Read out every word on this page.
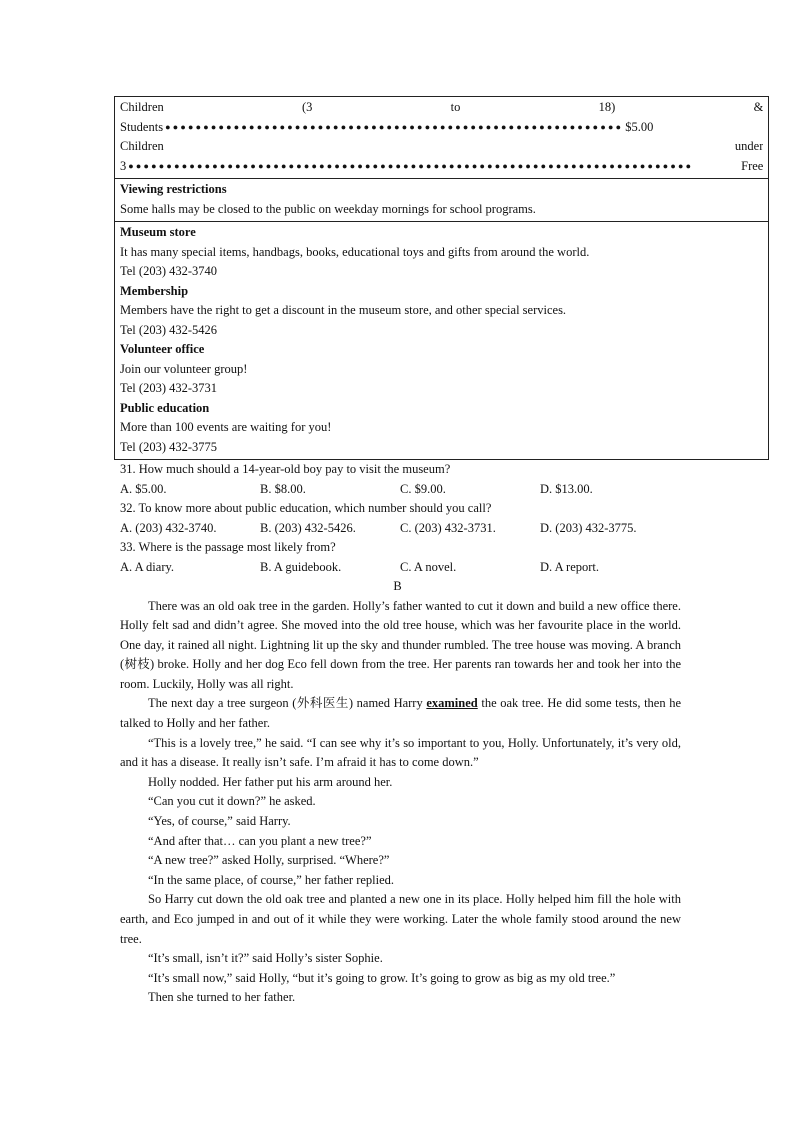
Children	(3	to	18)	&
Students ●●●●●●●●●●●●●●●●●●●●●●●●●●●●●●●●●●●●●●●●●●●●●●●●●●●●●●●●●●●● $5.00
Children	under
3 ●●●●●●●●●●●●●●●●●●●●●●●●●●●●●●●●●●●●●●●●●●●●●●●●●●●●●●●●●●●●●●●●●●●●●●●●●●	Free

Viewing restrictions
Some halls may be closed to the public on weekday mornings for school programs.

Museum store
It has many special items, handbags, books, educational toys and gifts from around the world.
Tel (203) 432-3740
Membership
Members have the right to get a discount in the museum store, and other special services.
Tel (203) 432-5426
Volunteer office
Join our volunteer group!
Tel (203) 432-3731
Public education
More than 100 events are waiting for you!
Tel (203) 432-3775
31. How much should a 14-year-old boy pay to visit the museum?
A. $5.00.	B. $8.00.	C. $9.00.	D. $13.00.
32. To know more about public education, which number should you call?
A. (203) 432-3740.	B. (203) 432-5426.	C. (203) 432-3731.	D. (203) 432-3775.
33. Where is the passage most likely from?
A. A diary.	B. A guidebook.	C. A novel.	D. A report.
B

There was an old oak tree in the garden. Holly’s father wanted to cut it down and build a new office there. Holly felt sad and didn’t agree. She moved into the old tree house, which was her favourite place in the world. One day, it rained all night. Lightning lit up the sky and thunder rumbled. The tree house was moving. A branch (树枝) broke. Holly and her dog Eco fell down from the tree. Her parents ran towards her and took her into the room. Luckily, Holly was all right.

The next day a tree surgeon (外科医生) named Harry examined the oak tree. He did some tests, then he talked to Holly and her father.

“This is a lovely tree,” he said. “I can see why it’s so important to you, Holly. Unfortunately, it’s very old, and it has a disease. It really isn’t safe. I’m afraid it has to come down.”

Holly nodded. Her father put his arm around her.

“Can you cut it down?” he asked.

“Yes, of course,” said Harry.

“And after that… can you plant a new tree?”

“A new tree?” asked Holly, surprised. “Where?”

“In the same place, of course,” her father replied.

So Harry cut down the old oak tree and planted a new one in its place. Holly helped him fill the hole with earth, and Eco jumped in and out of it while they were working. Later the whole family stood around the new tree.

“It’s small, isn’t it?” said Holly’s sister Sophie.

“It’s small now,” said Holly, “but it’s going to grow. It’s going to grow as big as my old tree.”

Then she turned to her father.
